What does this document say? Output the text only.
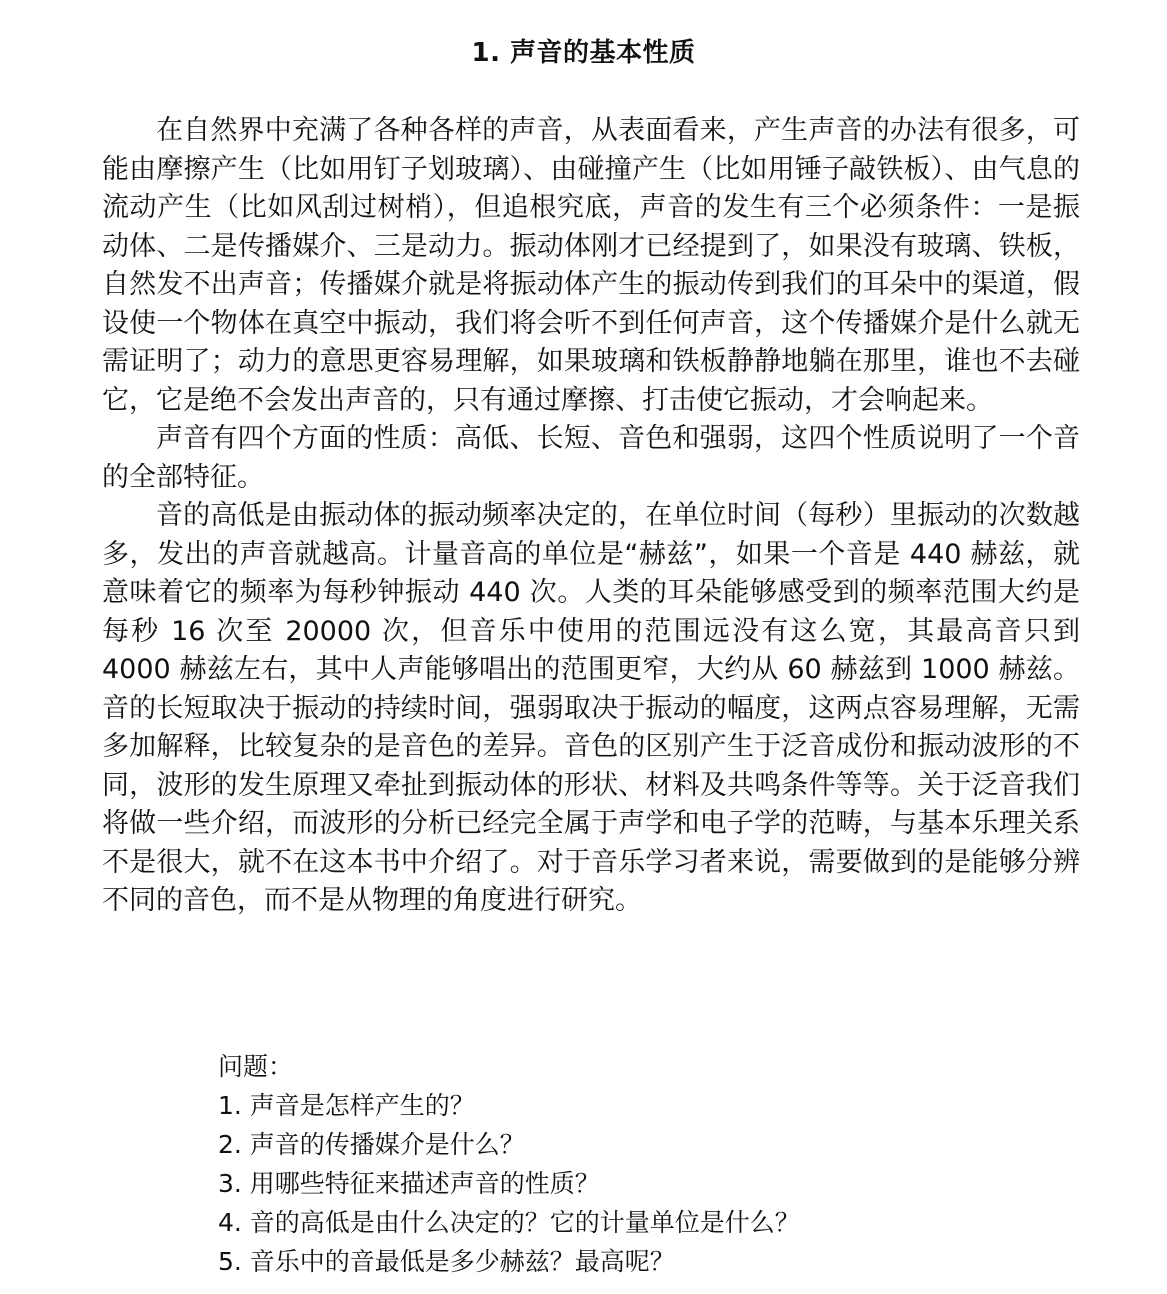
1. 声音的基本性质

在自然界中充满了各种各样的声音，从表面看来，产生声音的办法有很多，可能由摩擦产生（比如用钉子划玻璃）、由碰撞产生（比如用锤子敲铁板）、由气息的流动产生（比如风刮过树梢），但追根究底，声音的发生有三个必须条件：一是振动体、二是传播媒介、三是动力。振动体刚才已经提到了，如果没有玻璃、铁板，自然发不出声音；传播媒介就是将振动体产生的振动传到我们的耳朵中的渠道，假设使一个物体在真空中振动，我们将会听不到任何声音，这个传播媒介是什么就无需证明了；动力的意思更容易理解，如果玻璃和铁板静静地躺在那里，谁也不去碰它，它是绝不会发出声音的，只有通过摩擦、打击使它振动，才会响起来。

声音有四个方面的性质：高低、长短、音色和强弱，这四个性质说明了一个音的全部特征。

音的高低是由振动体的振动频率决定的，在单位时间（每秒）里振动的次数越多，发出的声音就越高。计量音高的单位是“赫兹”，如果一个音是 440 赫兹，就意味着它的频率为每秒钟振动 440 次。人类的耳朵能够感受到的频率范围大约是每秒 16 次至 20000 次，但音乐中使用的范围远没有这么宽，其最高音只到 4000 赫兹左右，其中人声能够唱出的范围更窄，大约从 60 赫兹到 1000 赫兹。音的长短取决于振动的持续时间，强弱取决于振动的幅度，这两点容易理解，无需多加解释，比较复杂的是音色的差异。音色的区别产生于泛音成份和振动波形的不同，波形的发生原理又牵扯到振动体的形状、材料及共鸣条件等等。关于泛音我们将做一些介绍，而波形的分析已经完全属于声学和电子学的范畴，与基本乐理关系不是很大，就不在这本书中介绍了。对于音乐学习者来说，需要做到的是能够分辨不同的音色，而不是从物理的角度进行研究。

问题：

1. 声音是怎样产生的？
2. 声音的传播媒介是什么？
3. 用哪些特征来描述声音的性质？
4. 音的高低是由什么决定的？它的计量单位是什么？
5. 音乐中的音最低是多少赫兹？最高呢？
